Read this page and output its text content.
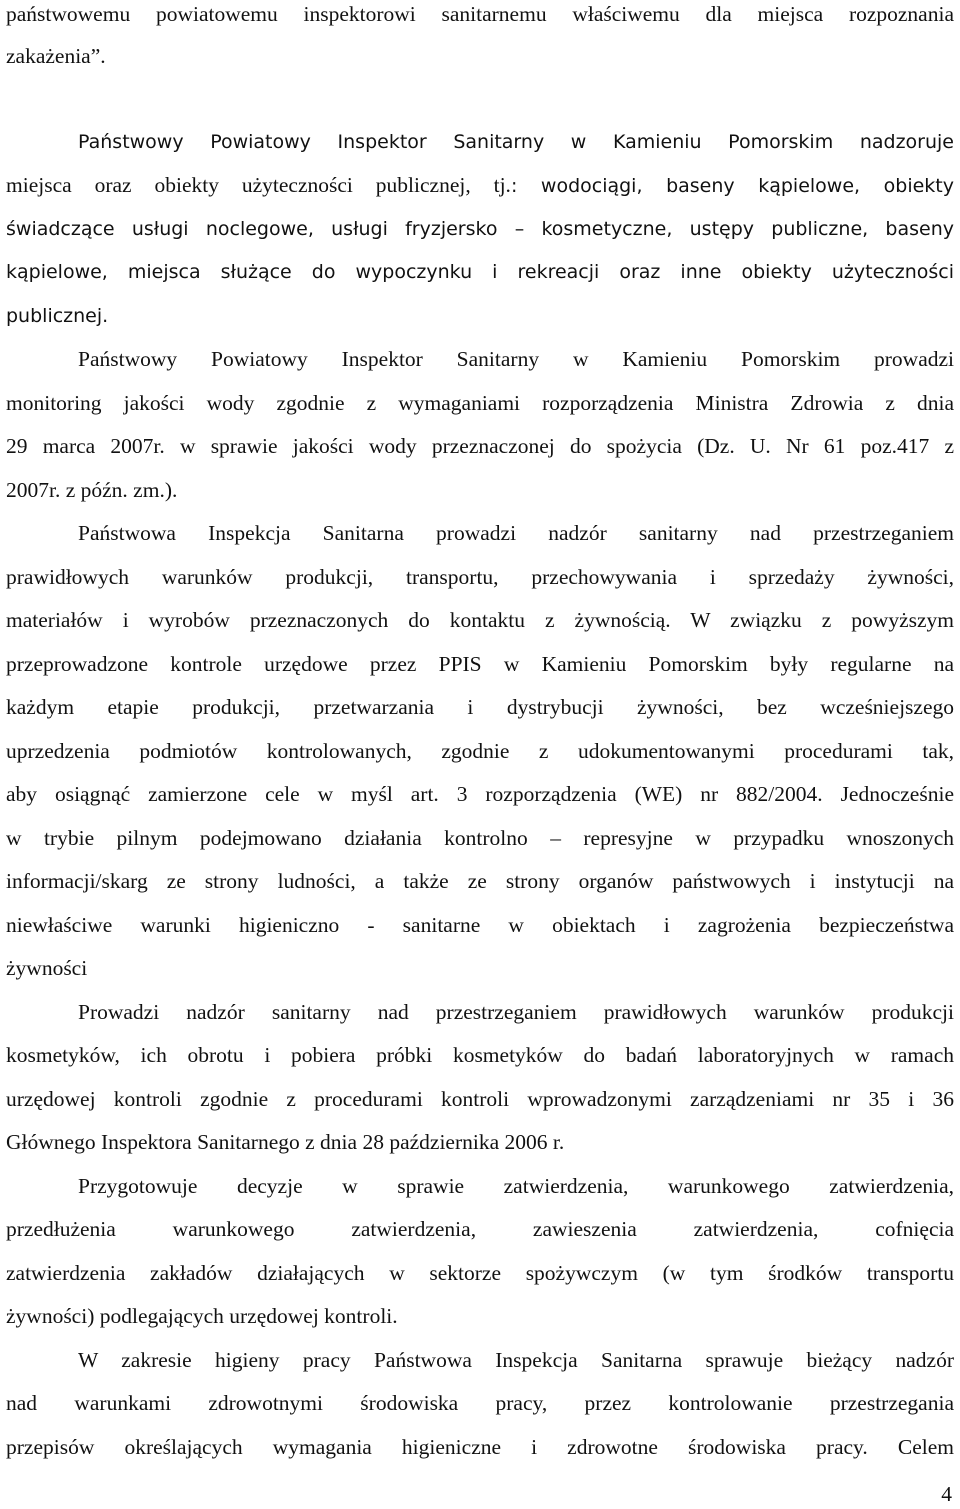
państwowemu powiatowemu inspektorowi sanitarnemu właściwemu dla miejsca rozpoznania
zakażenia”.
Państwowy Powiatowy Inspektor Sanitarny w Kamieniu Pomorskim nadzoruje
miejsca oraz obiekty użyteczności publicznej, tj.: wodociągi, baseny kąpielowe, obiekty
świadczące usługi noclegowe, usługi fryzjersko – kosmetyczne, ustępy publiczne, baseny
kąpielowe, miejsca służące do wypoczynku i rekreacji oraz inne obiekty użyteczności
publicznej.
Państwowy Powiatowy Inspektor Sanitarny w Kamieniu Pomorskim prowadzi
monitoring jakości wody zgodnie z wymaganiami rozporządzenia Ministra Zdrowia z dnia
29 marca 2007r. w sprawie jakości wody przeznaczonej do spożycia (Dz. U. Nr 61 poz.417 z
2007r. z późn. zm.).
Państwowa Inspekcja Sanitarna prowadzi nadzór sanitarny nad przestrzeganiem
prawidłowych warunków produkcji, transportu, przechowywania i sprzedaży żywności,
materiałów i wyrobów przeznaczonych do kontaktu z żywnością. W związku z powyższym
przeprowadzone kontrole urzędowe przez PPIS w Kamieniu Pomorskim były regularne na
każdym etapie produkcji, przetwarzania i dystrybucji żywności, bez wcześniejszego
uprzedzenia podmiotów kontrolowanych, zgodnie z udokumentowanymi procedurami tak,
aby osiągnąć zamierzone cele w myśl art. 3 rozporządzenia (WE) nr 882/2004. Jednocześnie
w trybie pilnym podejmowano działania kontrolno – represyjne w przypadku wnoszonych
informacji/skarg ze strony ludności, a także ze strony organów państwowych i instytucji na
niewłaściwe warunki higieniczno - sanitarne w obiektach i zagrożenia bezpieczeństwa
żywności
Prowadzi nadzór sanitarny nad przestrzeganiem prawidłowych warunków produkcji
kosmetyków, ich obrotu i pobiera próbki kosmetyków do badań laboratoryjnych w ramach
urzędowej kontroli zgodnie z procedurami kontroli wprowadzonymi zarządzeniami nr 35 i 36
Głównego Inspektora Sanitarnego z dnia 28 października 2006 r.
Przygotowuje decyzje w sprawie zatwierdzenia, warunkowego zatwierdzenia,
przedłużenia warunkowego zatwierdzenia, zawieszenia zatwierdzenia, cofnięcia
zatwierdzenia zakładów działających w sektorze spożywczym (w tym środków transportu
żywności) podlegających urzędowej kontroli.
W zakresie higieny pracy Państwowa Inspekcja Sanitarna sprawuje bieżący nadzór
nad warunkami zdrowotnymi środowiska pracy, przez kontrolowanie przestrzegania
przepisów określających wymagania higieniczne i zdrowotne środowiska pracy. Celem
4
